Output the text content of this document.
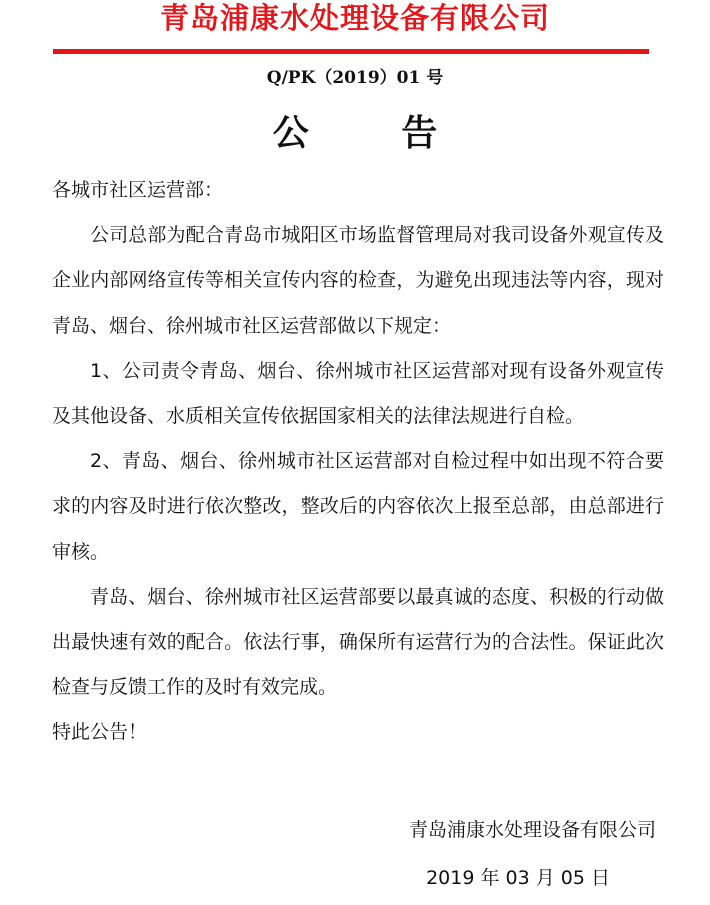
青岛浦康水处理设备有限公司
Q/PK（2019）01 号
公 告

各城市社区运营部：

公司总部为配合青岛市城阳区市场监督管理局对我司设备外观宣传及企业内部网络宣传等相关宣传内容的检查，为避免出现违法等内容，现对青岛、烟台、徐州城市社区运营部做以下规定：

1、公司责令青岛、烟台、徐州城市社区运营部对现有设备外观宣传及其他设备、水质相关宣传依据国家相关的法律法规进行自检。

2、青岛、烟台、徐州城市社区运营部对自检过程中如出现不符合要求的内容及时进行依次整改，整改后的内容依次上报至总部，由总部进行审核。

青岛、烟台、徐州城市社区运营部要以最真诚的态度、积极的行动做出最快速有效的配合。依法行事，确保所有运营行为的合法性。保证此次检查与反馈工作的及时有效完成。

特此公告！

青岛浦康水处理设备有限公司
2019 年 03 月 05 日
